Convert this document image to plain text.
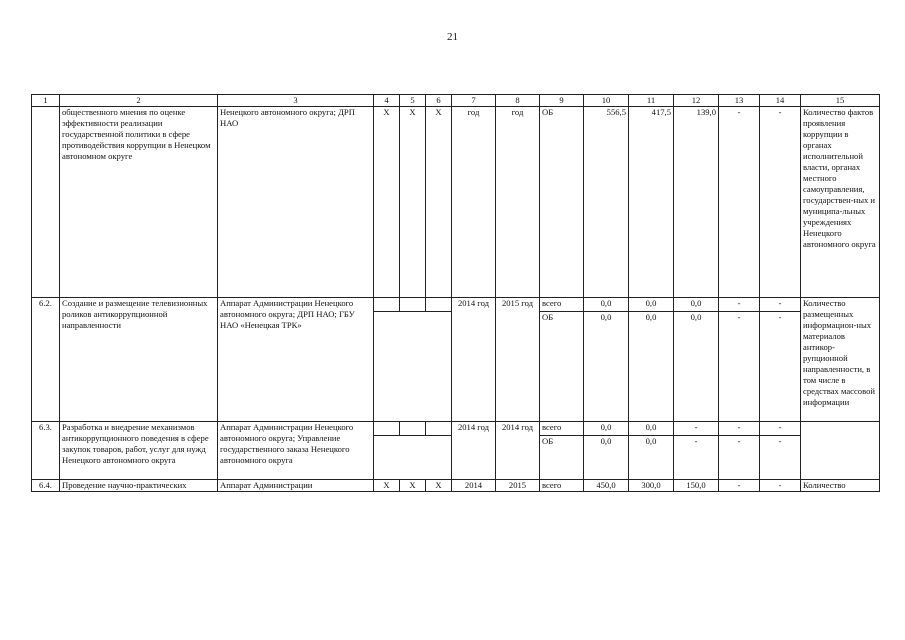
21
1	2	3	4	5	6	7	8	9	10	11	12	13	14	15
	общественного мнения по оценке эффективности реализации государственной политики в сфере противодействия коррупции в Ненецком автономном округе	Ненецкого автономного округа; ДРП НАО	Х	Х	Х	год	год	ОБ	556,5	417,5	139,0	-	-	Количество фактов проявления коррупции в органах исполнительной власти, органах местного самоуправления, государствен-ных и муниципа-льных учреждениях Ненецкого автономного округа
6.2.	Создание и размещение телевизионных роликов антикоррупционной направленности	Аппарат Администрации Ненецкого автономного округа; ДРП НАО; ГБУ НАО «Ненецкая ТРК»				2014 год	2015 год	всего	0,0	0,0	0,0	-	-	Количество размещенных информацион-ных материалов антикор-рупционной направленности, в том числе в средствах массовой информации
								ОБ	0,0	0,0	0,0	-	-	
6.3.	Разработка и внедрение механизмов антикоррупционного поведения в сфере закупок товаров, работ, услуг для нужд Ненецкого автономного округа	Аппарат Администрации Ненецкого автономного округа; Управление государственного заказа Ненецкого автономного округа				2014 год	2014 год	всего	0,0	0,0	-	-	-	
								ОБ	0,0	0,0	-	-	-	
6.4.	Проведение научно-практических	Аппарат Администрации	Х	Х	Х	2014	2015	всего	450,0	300,0	150,0	-	-	Количество
